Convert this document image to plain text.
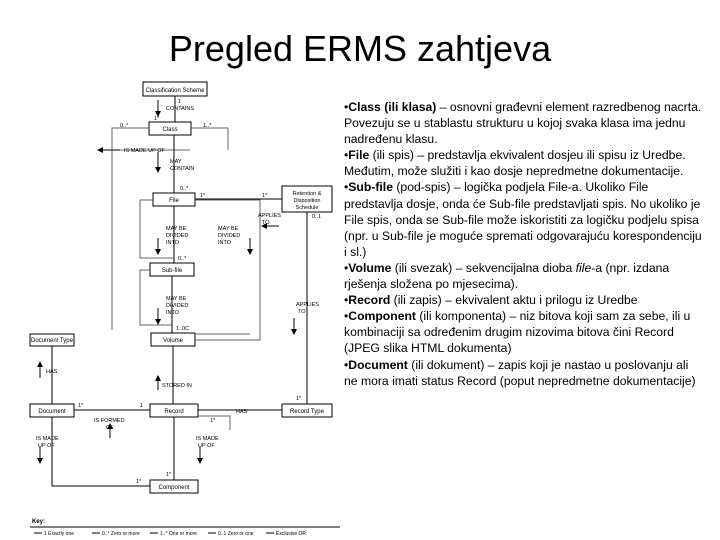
Pregled ERMS zahtjeva
Classification Scheme
Class
File
Retention &
Disposition
Schedule
Sub-file
Volume
Document Type
Document	Record	Record Type
Component
CONTAINS
IS MADE UP OF
MAY
CONTAIN
APPLIES
TO
MAY BE
DIVIDED
INTO
MAY BE
DIVIDED
INTO
MAY BE
DIVIDED
INTO
APPLIES
TO
HAS
STORED IN
IS FORMED
OF
HAS
IS MADE
UP OF
IS MADE
UP OF
1
1*
0..*	1..*
0..*
1*	1*
0..1
0..*
1..0C
1*
1*	1
1*
1*
1*
Key:
1 Exactly one	0..* Zero or more	1..* One or more	0..1 Zero or one	Exclusive OR

•Class (ili klasa) – osnovni građevni element razredbenog nacrta. Povezuju se u stablastu strukturu u kojoj svaka klasa ima jednu nadređenu klasu.

•File (ili spis) – predstavlja ekvivalent dosjeu ili spisu iz Uredbe. Međutim, može služiti i kao dosje nepredmetne dokumentacije.

•Sub-file (pod-spis) – logička podjela File-a. Ukoliko File predstavlja dosje, onda će Sub-file predstavljati spis. No ukoliko je File spis, onda se Sub-file može iskoristiti za logičku podjelu spisa (npr. u Sub-file je moguće spremati odgovarajuću korespondenciju i sl.)

•Volume (ili svezak) – sekvencijalna dioba file-a (npr. izdana rješenja složena po mjesecima).

•Record (ili zapis) – ekvivalent aktu i prilogu iz Uredbe

•Component (ili komponenta) – niz bitova koji sam za sebe, ili u kombinaciji sa određenim drugim nizovima bitova čini Record (JPEG slika HTML dokumenta)

•Document (ili dokument) – zapis koji je nastao u poslovanju ali ne mora imati status Record (poput nepredmetne dokumentacije)
